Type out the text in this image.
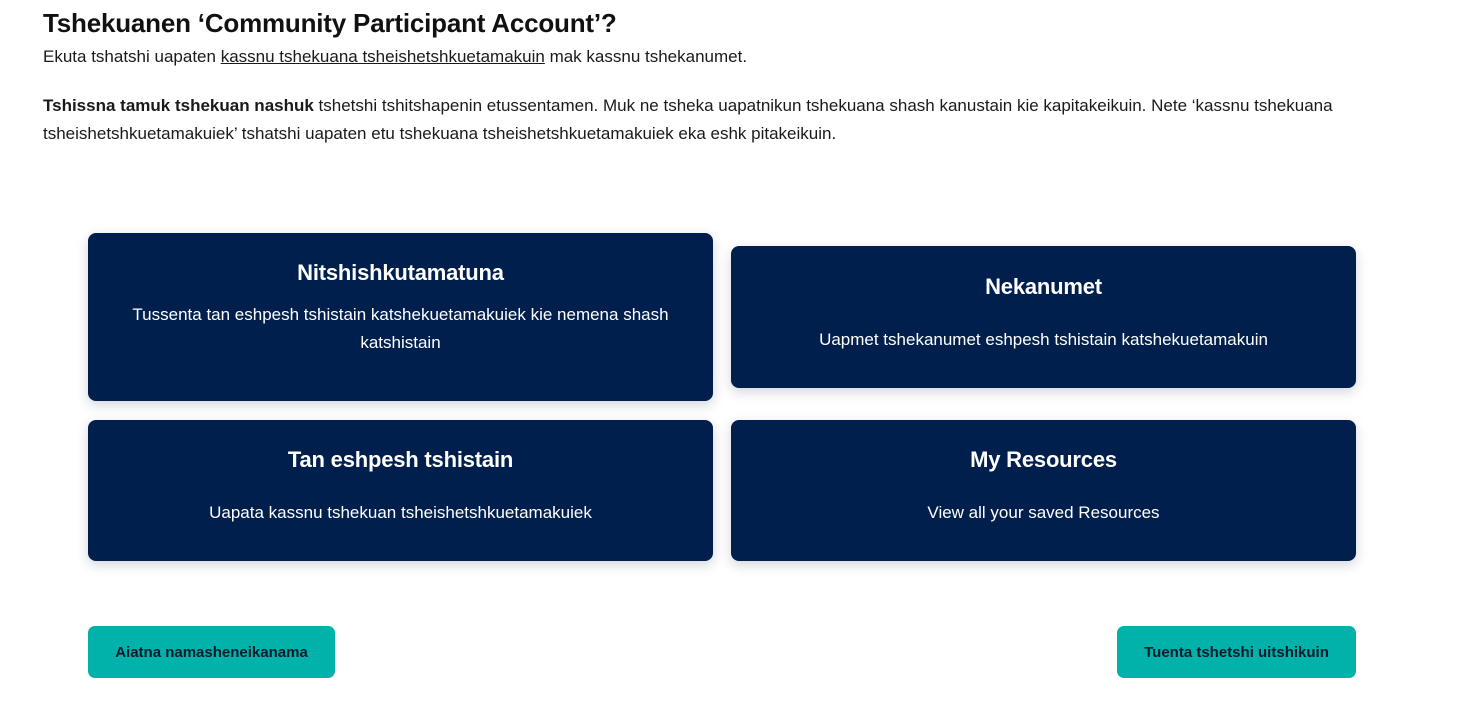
Tshekuanen ‘Community Participant Account’?

Ekuta tshatshi uapaten kassnu tshekuana tsheishetshkuetamakuin mak kassnu tshekanumet.

Tshissna tamuk tshekuan nashuk tshetshi tshitshapenin etussentamen. Muk ne tsheka uapatnikun tshekuana shash kanustain kie kapitakeikuin. Nete ‘kassnu tshekuana tsheishetshkuetamakuiek’ tshatshi uapaten etu tshekuana tsheishetshkuetamakuiek eka eshk pitakeikuin.

Nitshishkutamatuna
Tussenta tan eshpesh tshistain katshekuetamakuiek kie nemena shash katshistain
Nekanumet
Uapmet tshekanumet eshpesh tshistain katshekuetamakuin
Tan eshpesh tshistain
Uapata kassnu tshekuan tsheishetshkuetamakuiek
My Resources
View all your saved Resources
Aiatna namasheneikanama	Tuenta tshetshi uitshikuin
